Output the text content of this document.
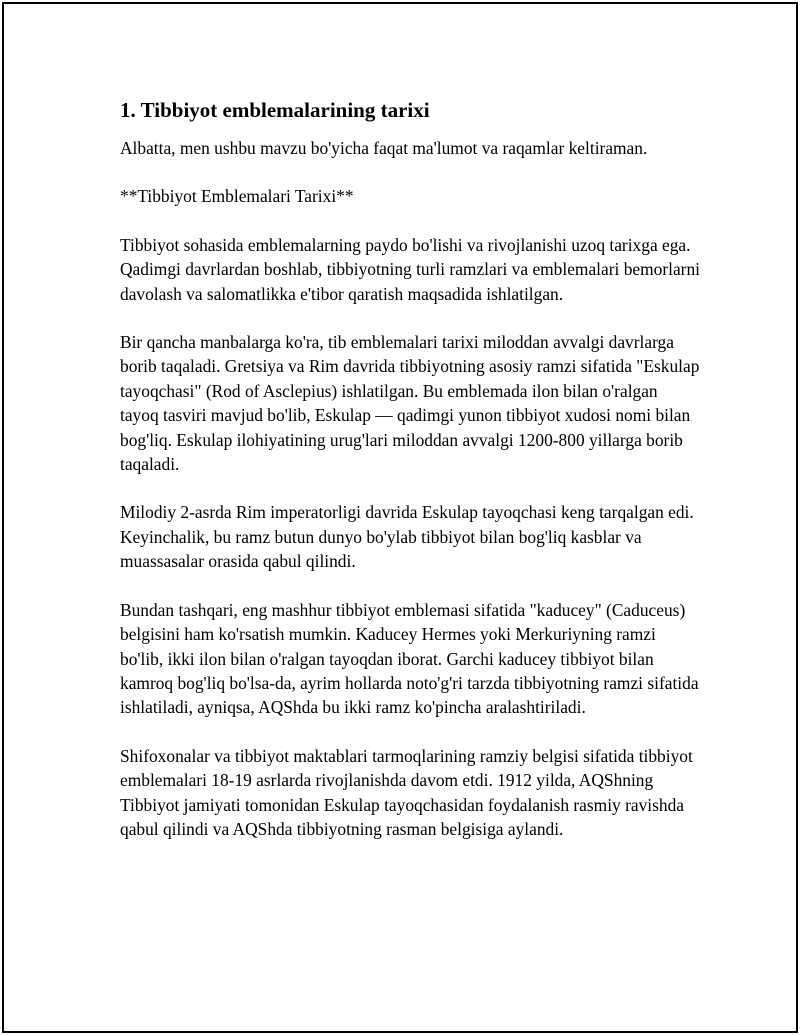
1. Tibbiyot emblemalarining tarixi

Albatta, men ushbu mavzu bo'yicha faqat ma'lumot va raqamlar keltiraman.

**Tibbiyot Emblemalari Tarixi**

Tibbiyot sohasida emblemalarning paydo bo'lishi va rivojlanishi uzoq tarixga ega. Qadimgi davrlardan boshlab, tibbiyotning turli ramzlari va emblemalari bemorlarni davolash va salomatlikka e'tibor qaratish maqsadida ishlatilgan.

Bir qancha manbalarga ko'ra, tib emblemalari tarixi miloddan avvalgi davrlarga borib taqaladi. Gretsiya va Rim davrida tibbiyotning asosiy ramzi sifatida "Eskulap tayoqchasi" (Rod of Asclepius) ishlatilgan. Bu emblemada ilon bilan o'ralgan tayoq tasviri mavjud bo'lib, Eskulap — qadimgi yunon tibbiyot xudosi nomi bilan bog'liq. Eskulap ilohiyatining urug'lari miloddan avvalgi 1200-800 yillarga borib taqaladi.

Milodiy 2-asrda Rim imperatorligi davrida Eskulap tayoqchasi keng tarqalgan edi. Keyinchalik, bu ramz butun dunyo bo'ylab tibbiyot bilan bog'liq kasblar va muassasalar orasida qabul qilindi.

Bundan tashqari, eng mashhur tibbiyot emblemasi sifatida "kaducey" (Caduceus) belgisini ham ko'rsatish mumkin. Kaducey Hermes yoki Merkuriyning ramzi bo'lib, ikki ilon bilan o'ralgan tayoqdan iborat. Garchi kaducey tibbiyot bilan kamroq bog'liq bo'lsa-da, ayrim hollarda noto'g'ri tarzda tibbiyotning ramzi sifatida ishlatiladi, ayniqsa, AQShda bu ikki ramz ko'pincha aralashtiriladi.

Shifoxonalar va tibbiyot maktablari tarmoqlarining ramziy belgisi sifatida tibbiyot emblemalari 18-19 asrlarda rivojlanishda davom etdi. 1912 yilda, AQShning Tibbiyot jamiyati tomonidan Eskulap tayoqchasidan foydalanish rasmiy ravishda qabul qilindi va AQShda tibbiyotning rasman belgisiga aylandi.
